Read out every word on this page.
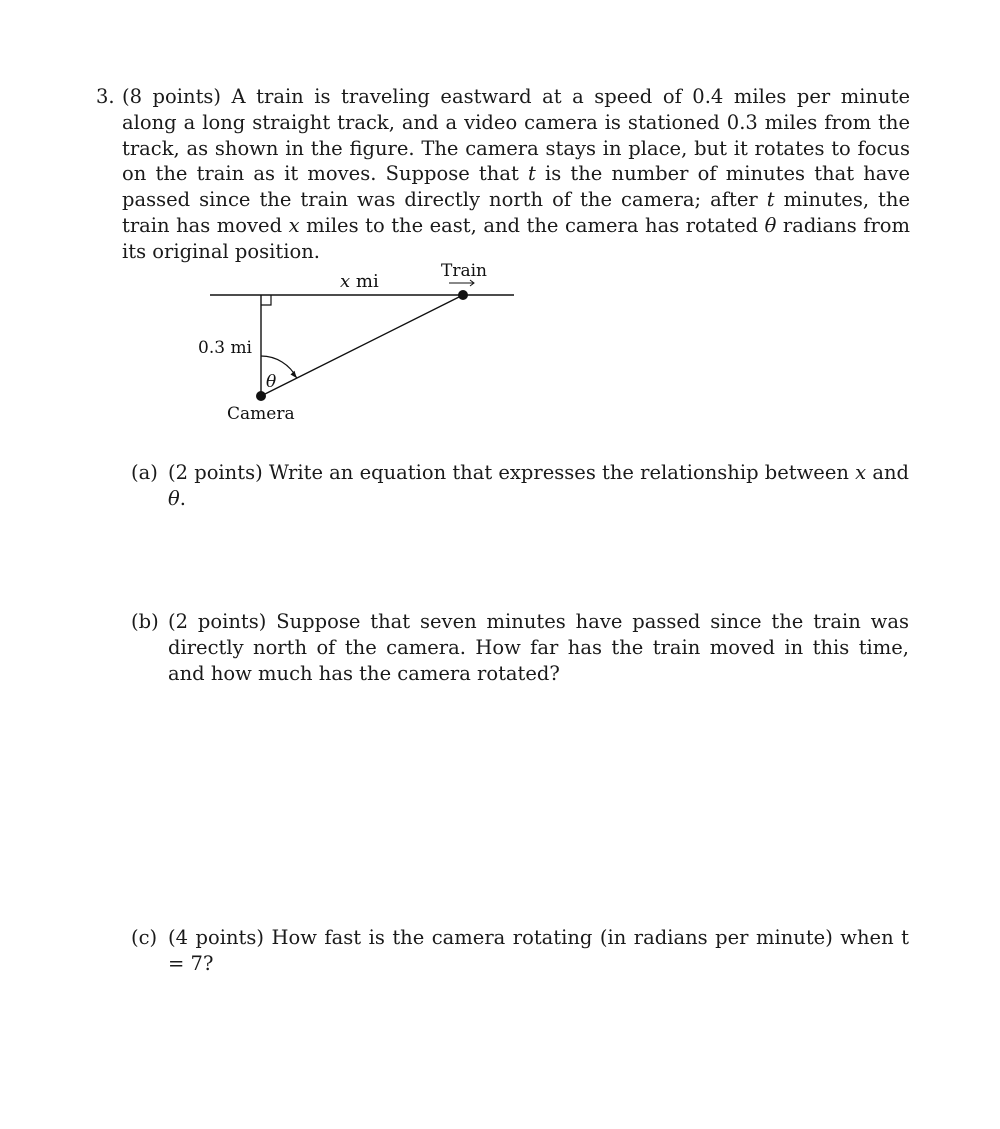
3. (8 points) A train is traveling eastward at a speed of 0.4 miles per minute along a long straight track, and a video camera is stationed 0.3 miles from the track, as shown in the figure. The camera stays in place, but it rotates to focus on the train as it moves. Suppose that t is the number of minutes that have passed since the train was directly north of the camera; after t minutes, the train has moved x miles to the east, and the camera has rotated θ radians from its original position.
x mi	Train
0.3 mi
θ
Camera
(a) (2 points) Write an equation that expresses the relationship between x and θ.
(b) (2 points) Suppose that seven minutes have passed since the train was directly north of the camera. How far has the train moved in this time, and how much has the camera rotated?
(c) (4 points) How fast is the camera rotating (in radians per minute) when t = 7?
